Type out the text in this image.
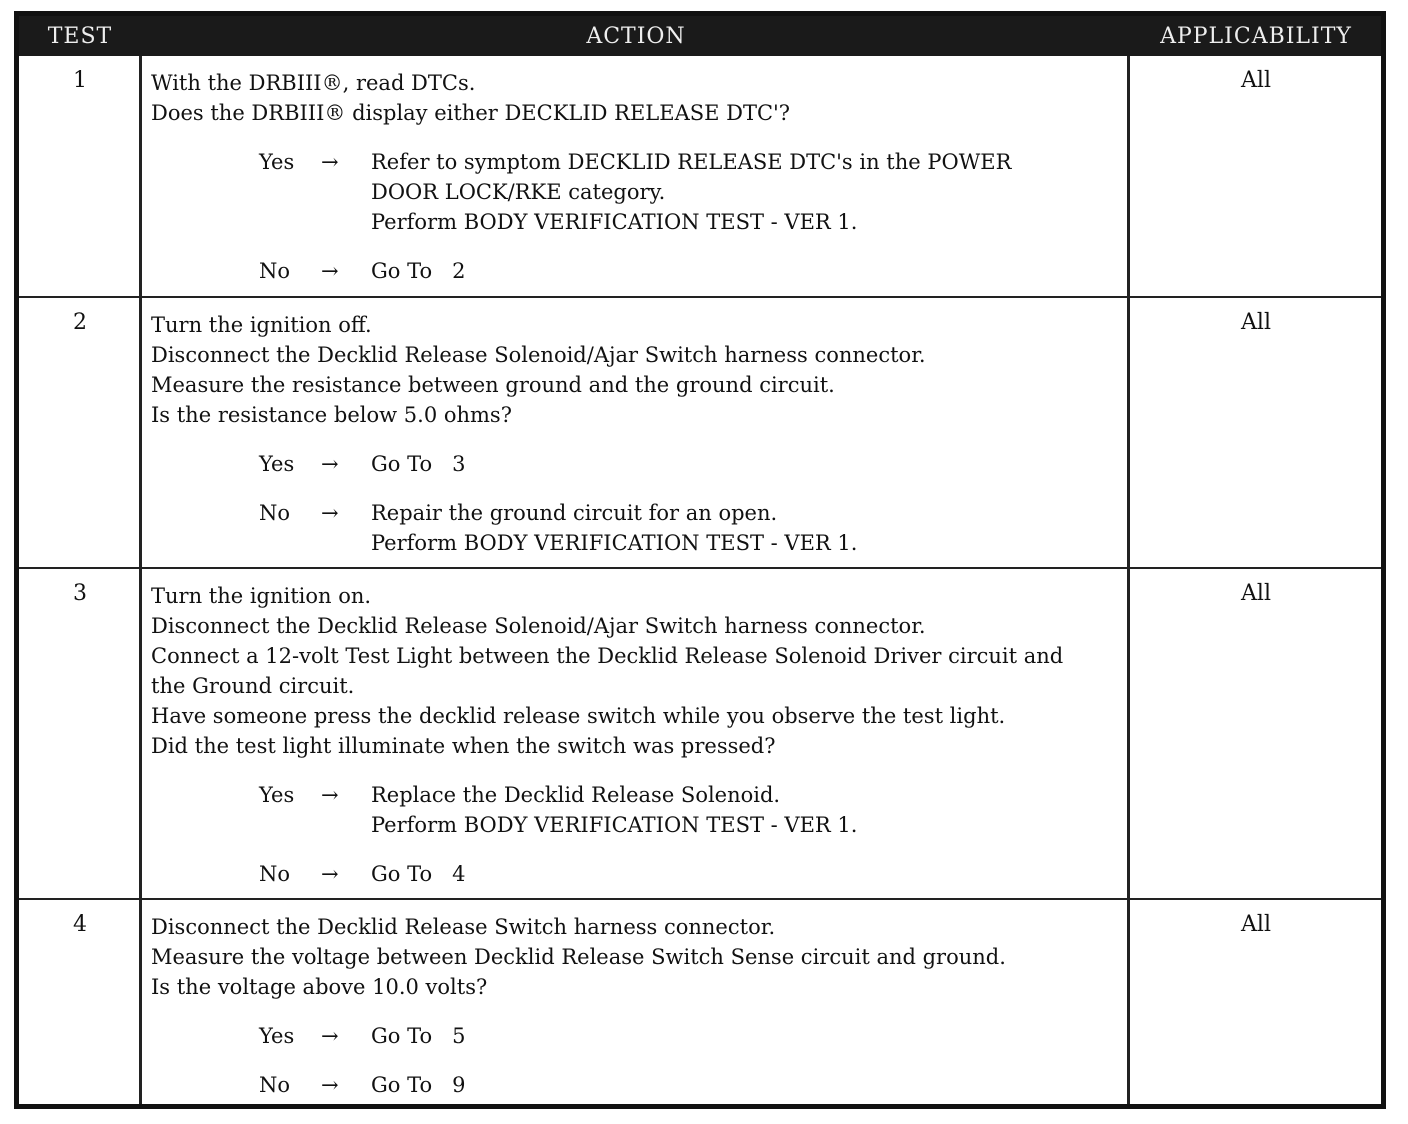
TEST	ACTION	APPLICABILITY
1	With the DRBIII®, read DTCs.
Does the DRBIII® display either DECKLID RELEASE DTC'?
Yes → Refer to symptom DECKLID RELEASE DTC's in the POWER
DOOR LOCK/RKE category.
Perform BODY VERIFICATION TEST - VER 1.
No → Go To   2
All
2	Turn the ignition off.
Disconnect the Decklid Release Solenoid/Ajar Switch harness connector.
Measure the resistance between ground and the ground circuit.
Is the resistance below 5.0 ohms?
Yes → Go To   3
No → Repair the ground circuit for an open.
Perform BODY VERIFICATION TEST - VER 1.
All
3	Turn the ignition on.
Disconnect the Decklid Release Solenoid/Ajar Switch harness connector.
Connect a 12-volt Test Light between the Decklid Release Solenoid Driver circuit and
the Ground circuit.
Have someone press the decklid release switch while you observe the test light.
Did the test light illuminate when the switch was pressed?
Yes → Replace the Decklid Release Solenoid.
Perform BODY VERIFICATION TEST - VER 1.
No → Go To   4
All
4	Disconnect the Decklid Release Switch harness connector.
Measure the voltage between Decklid Release Switch Sense circuit and ground.
Is the voltage above 10.0 volts?
Yes → Go To   5
No → Go To   9
All
